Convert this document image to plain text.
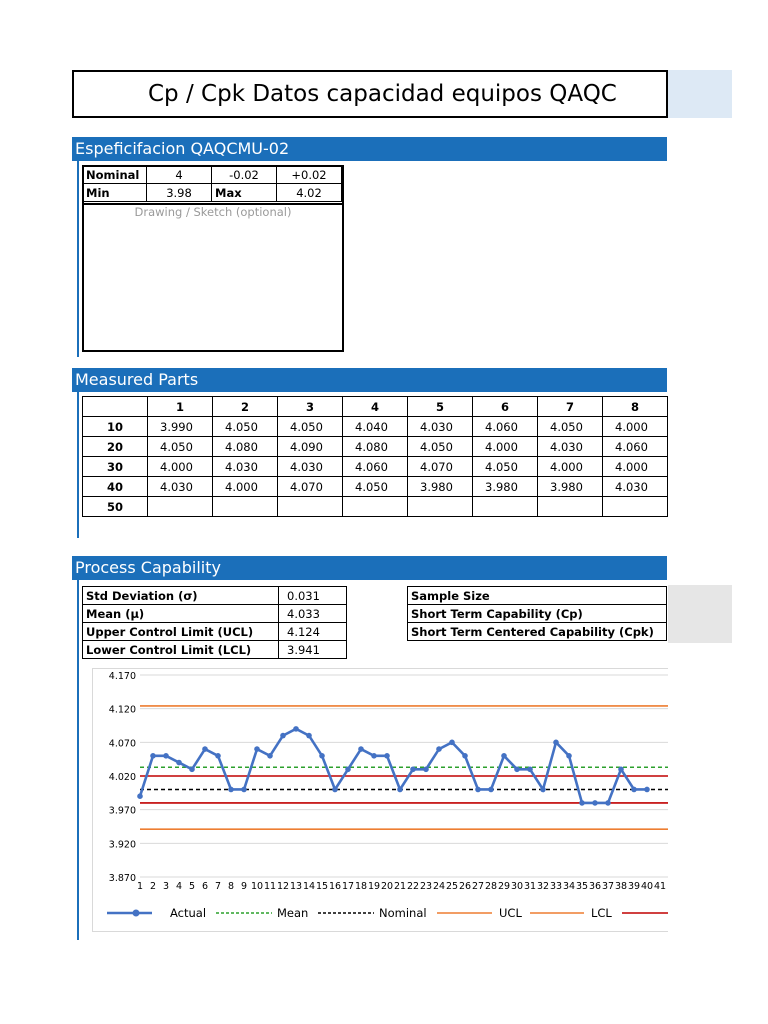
Cp / Cpk Datos capacidad equipos QAQC
Espeficifacion QAQCMU-02
Nominal	4	-0.02	+0.02
Min	3.98	Max	4.02
Drawing / Sketch (optional)
Measured Parts
	1	2	3	4	5	6	7	8
10	3.990	4.050	4.050	4.040	4.030	4.060	4.050	4.000
20	4.050	4.080	4.090	4.080	4.050	4.000	4.030	4.060
30	4.000	4.030	4.030	4.060	4.070	4.050	4.000	4.000
40	4.030	4.000	4.070	4.050	3.980	3.980	3.980	4.030
50								
Process Capability
Std Deviation (σ)	0.031
Mean (μ)	4.033
Upper Control Limit (UCL)	4.124
Lower Control Limit (LCL)	3.941
Sample Size
Short Term Capability (Cp)
Short Term Centered Capability (Cpk)
4.170
4.120
4.070
4.020
3.970
3.920
3.870
1 2 3 4 5 6 7 8 9 10 11 12 13 14 15 16 17 18 19 20 21 22 23 24 25 26 27 28 29 30 31 32 33 34 35 36 37 38 39 40 41
Actual	Mean	Nominal	UCL	LCL
